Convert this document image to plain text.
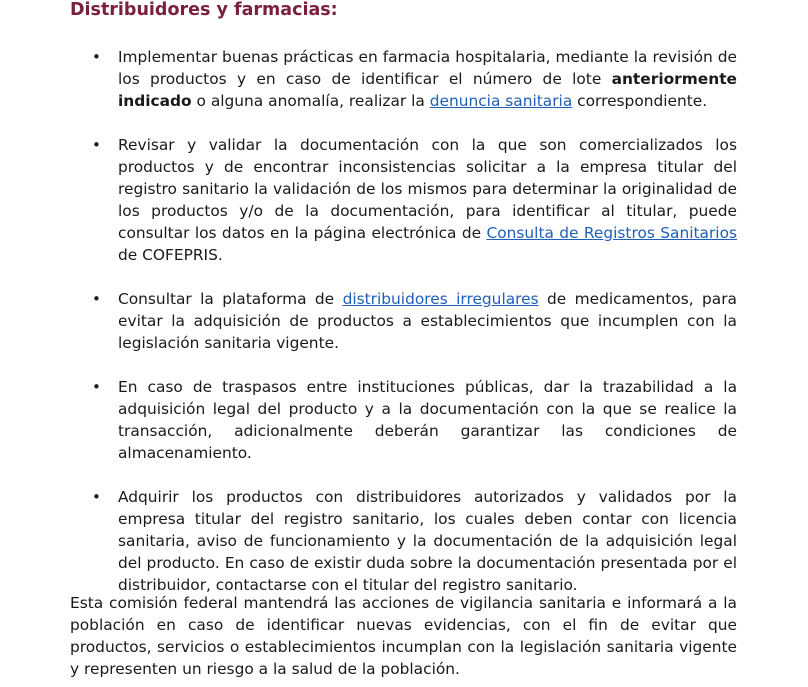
Distribuidores y farmacias:
• Implementar buenas prácticas en farmacia hospitalaria, mediante la revisión de los productos y en caso de identificar el número de lote anteriormente indicado o alguna anomalía, realizar la denuncia sanitaria correspondiente.
• Revisar y validar la documentación con la que son comercializados los productos y de encontrar inconsistencias solicitar a la empresa titular del registro sanitario la validación de los mismos para determinar la originalidad de los productos y/o de la documentación, para identificar al titular, puede consultar los datos en la página electrónica de Consulta de Registros Sanitarios de COFEPRIS.
• Consultar la plataforma de distribuidores irregulares de medicamentos, para evitar la adquisición de productos a establecimientos que incumplen con la legislación sanitaria vigente.
• En caso de traspasos entre instituciones públicas, dar la trazabilidad a la adquisición legal del producto y a la documentación con la que se realice la transacción, adicionalmente deberán garantizar las condiciones de almacenamiento.
• Adquirir los productos con distribuidores autorizados y validados por la empresa titular del registro sanitario, los cuales deben contar con licencia sanitaria, aviso de funcionamiento y la documentación de la adquisición legal del producto. En caso de existir duda sobre la documentación presentada por el distribuidor, contactarse con el titular del registro sanitario.

Esta comisión federal mantendrá las acciones de vigilancia sanitaria e informará a la población en caso de identificar nuevas evidencias, con el fin de evitar que productos, servicios o establecimientos incumplan con la legislación sanitaria vigente y representen un riesgo a la salud de la población.
